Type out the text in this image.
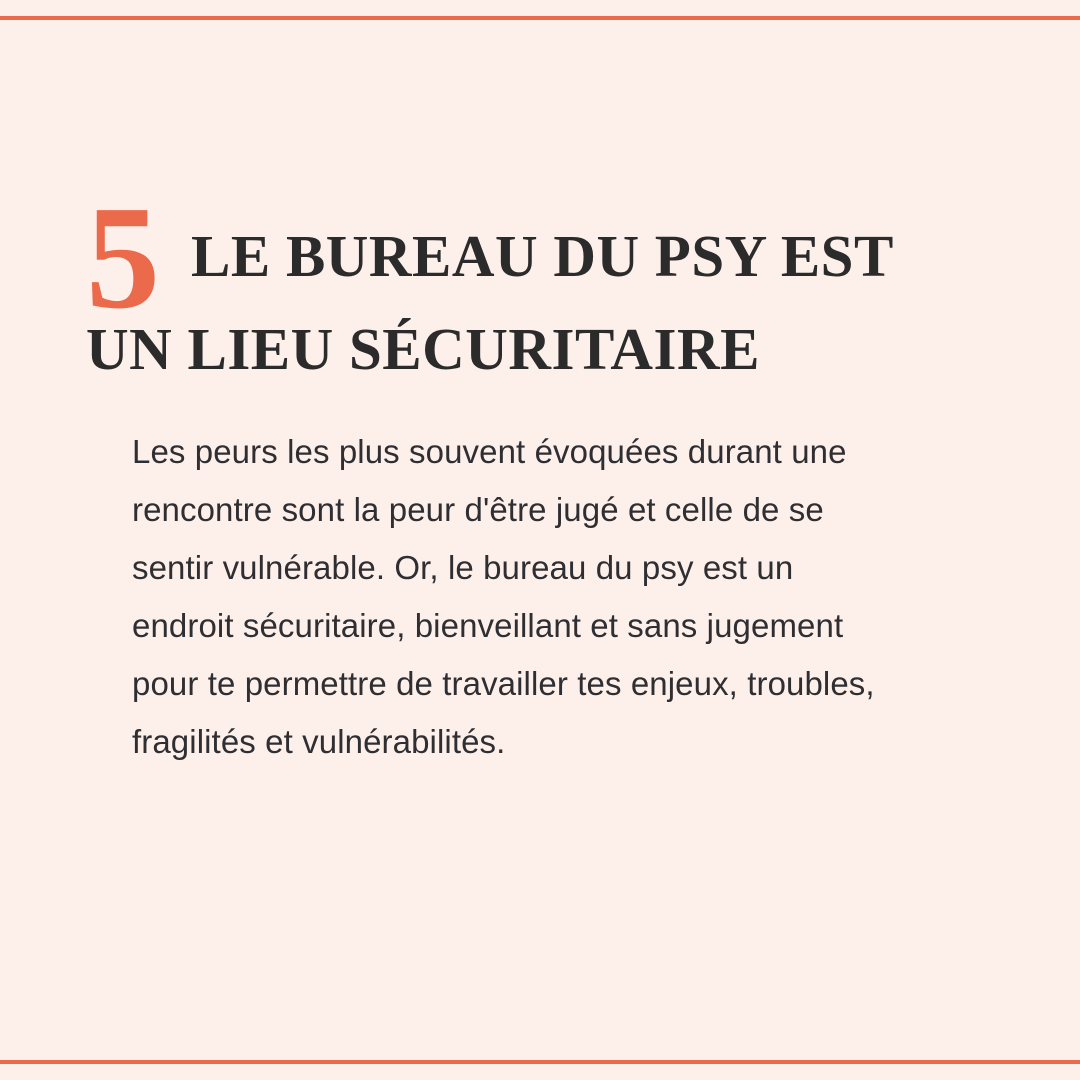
5 LE BUREAU DU PSY EST UN LIEU SÉCURITAIRE

Les peurs les plus souvent évoquées durant une rencontre sont la peur d'être jugé et celle de se sentir vulnérable. Or, le bureau du psy est un endroit sécuritaire, bienveillant et sans jugement pour te permettre de travailler tes enjeux, troubles, fragilités et vulnérabilités.
